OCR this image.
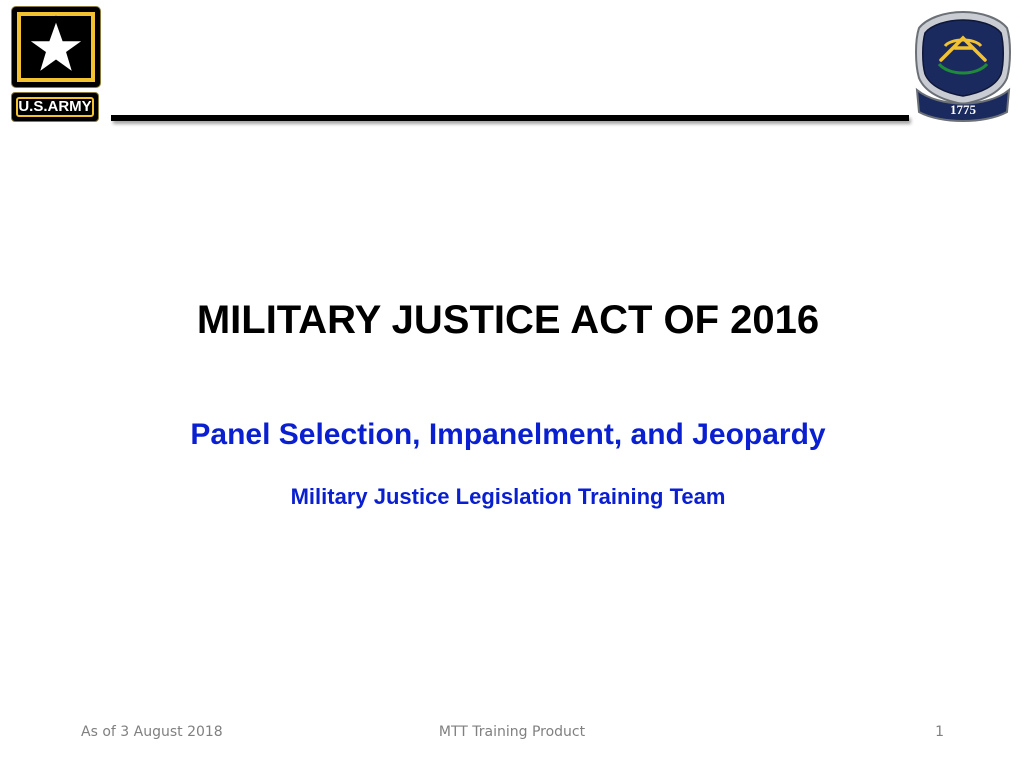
U.S.ARMY	1775
MILITARY JUSTICE ACT OF 2016
Panel Selection, Impanelment, and Jeopardy
Military Justice Legislation Training Team
As of 3 August 2018	MTT Training Product	1
